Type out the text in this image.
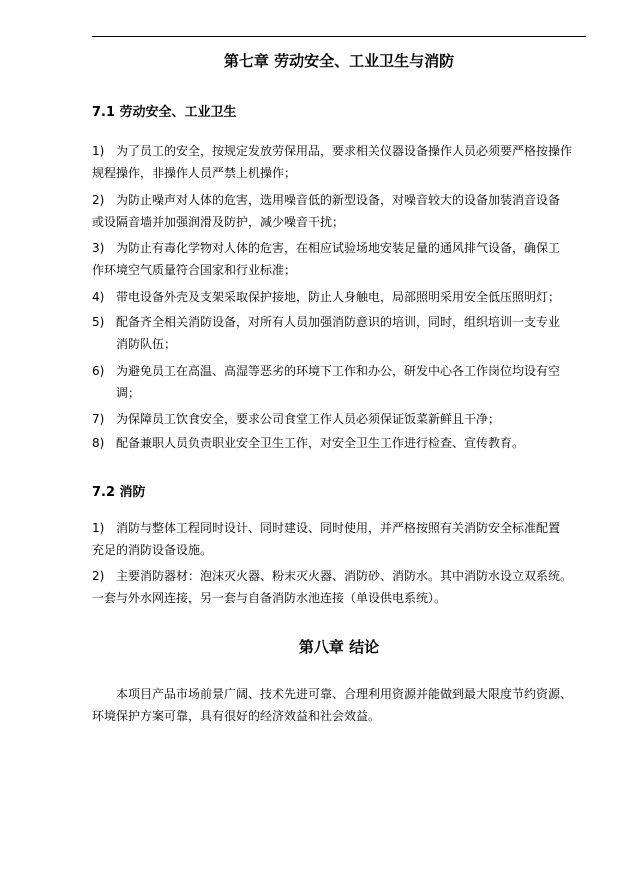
第七章 劳动安全、工业卫生与消防
7.1 劳动安全、工业卫生
1) 为了员工的安全，按规定发放劳保用品，要求相关仪器设备操作人员必须要严格按操作
规程操作，非操作人员严禁上机操作；
2) 为防止噪声对人体的危害，选用噪音低的新型设备，对噪音较大的设备加装消音设备
或设隔音墙并加强润滑及防护，减少噪音干扰；
3) 为防止有毒化学物对人体的危害，在相应试验场地安装足量的通风排气设备，确保工
作环境空气质量符合国家和行业标准；
4) 带电设备外壳及支架采取保护接地，防止人身触电，局部照明采用安全低压照明灯；
5) 配备齐全相关消防设备，对所有人员加强消防意识的培训，同时，组织培训一支专业
消防队伍；
6) 为避免员工在高温、高湿等恶劣的环境下工作和办公，研发中心各工作岗位均设有空
调；
7) 为保障员工饮食安全，要求公司食堂工作人员必须保证饭菜新鲜且干净；
8) 配备兼职人员负责职业安全卫生工作，对安全卫生工作进行检查、宣传教育。
7.2 消防
1) 消防与整体工程同时设计、同时建设、同时使用，并严格按照有关消防安全标准配置
充足的消防设备设施。
2) 主要消防器材：泡沫灭火器、粉末灭火器、消防砂、消防水。其中消防水设立双系统。
一套与外水网连接，另一套与自备消防水池连接（单设供电系统）。
第八章 结论
本项目产品市场前景广阔、技术先进可靠、合理利用资源并能做到最大限度节约资源、
环境保护方案可靠，具有很好的经济效益和社会效益。
